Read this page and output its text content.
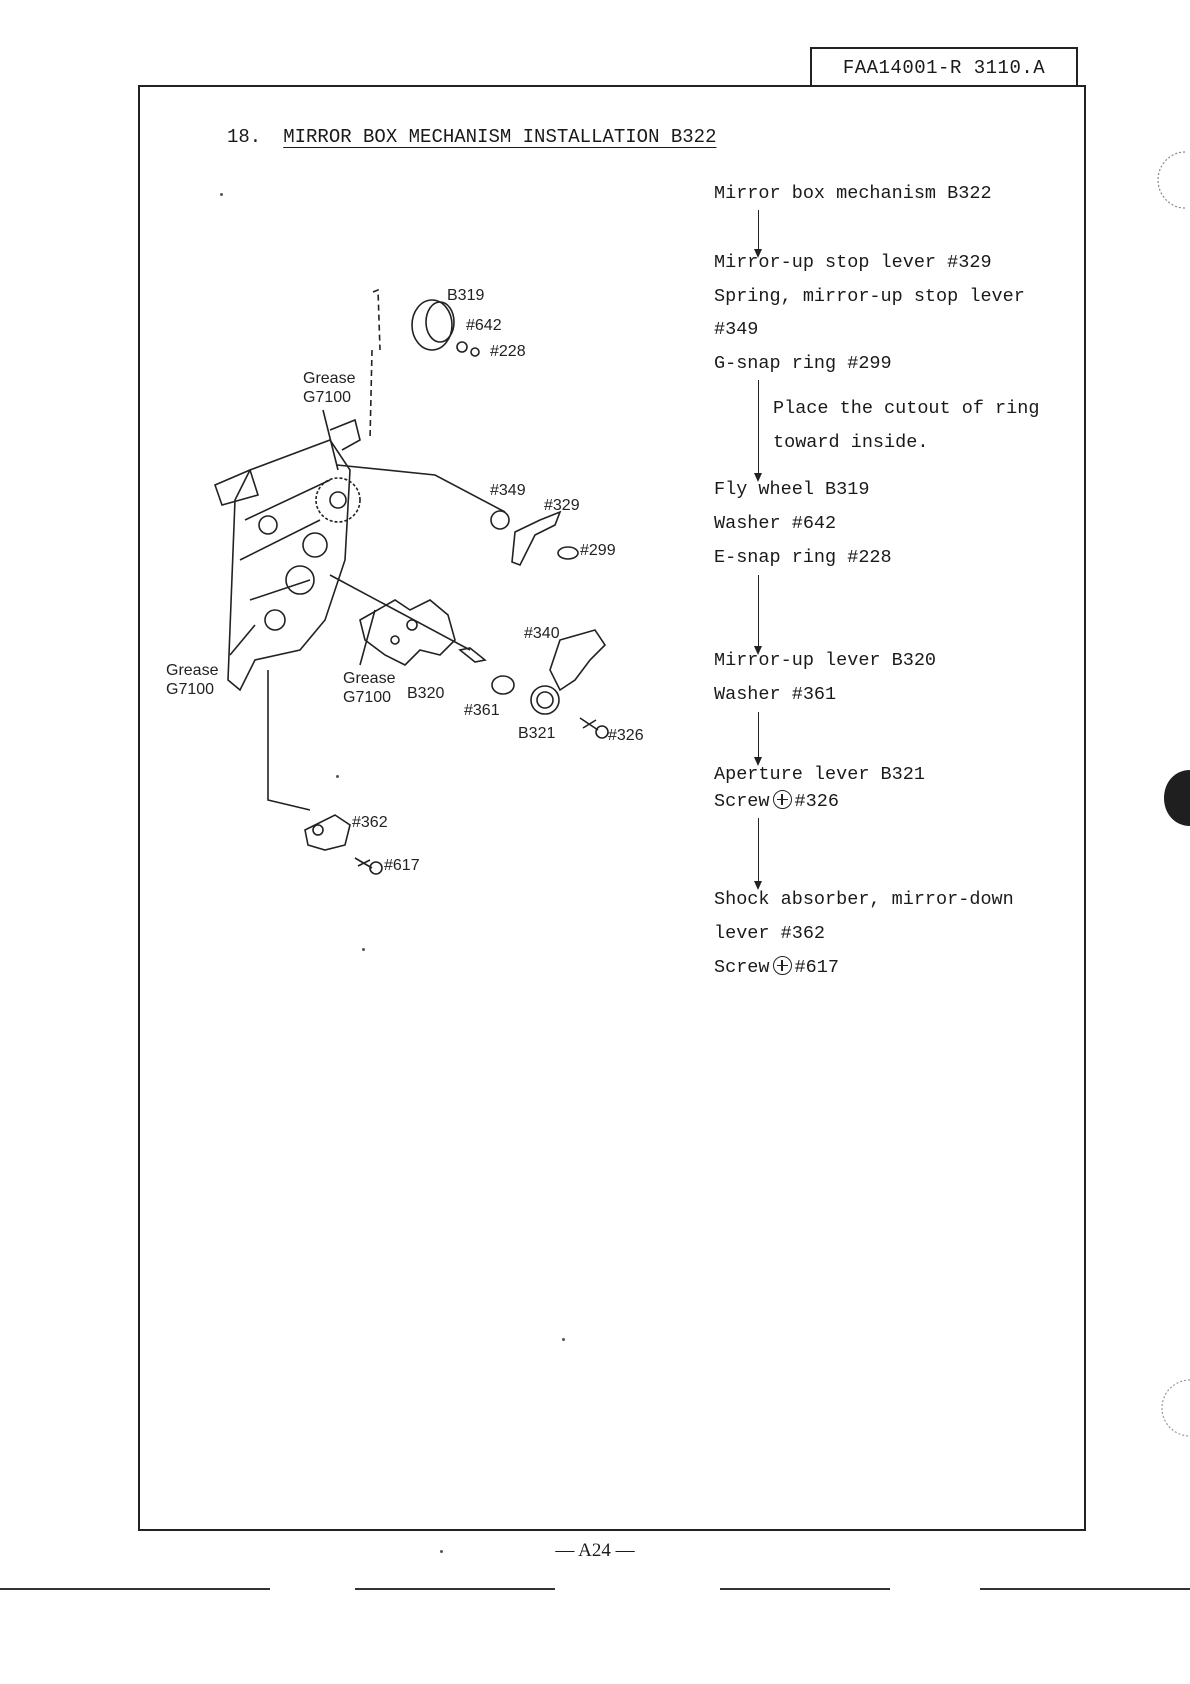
FAA14001-R 3110.A
18. MIRROR BOX MECHANISM INSTALLATION B322
B319
#642
#228
Grease
G7100
#349
#329
#299
#340
Grease
G7100
Grease
G7100 B320
#361
B321	#326
#362
#617
Mirror box mechanism B322
Mirror-up stop lever #329
Spring, mirror-up stop lever
#349
G-snap ring #299
Place the cutout of ring
toward inside.
Fly wheel B319
Washer #642
E-snap ring #228
Mirror-up lever B320
Washer #361
Aperture lever B321
Screw #326
Shock absorber, mirror-down
lever #362
Screw #617
— A24 —
